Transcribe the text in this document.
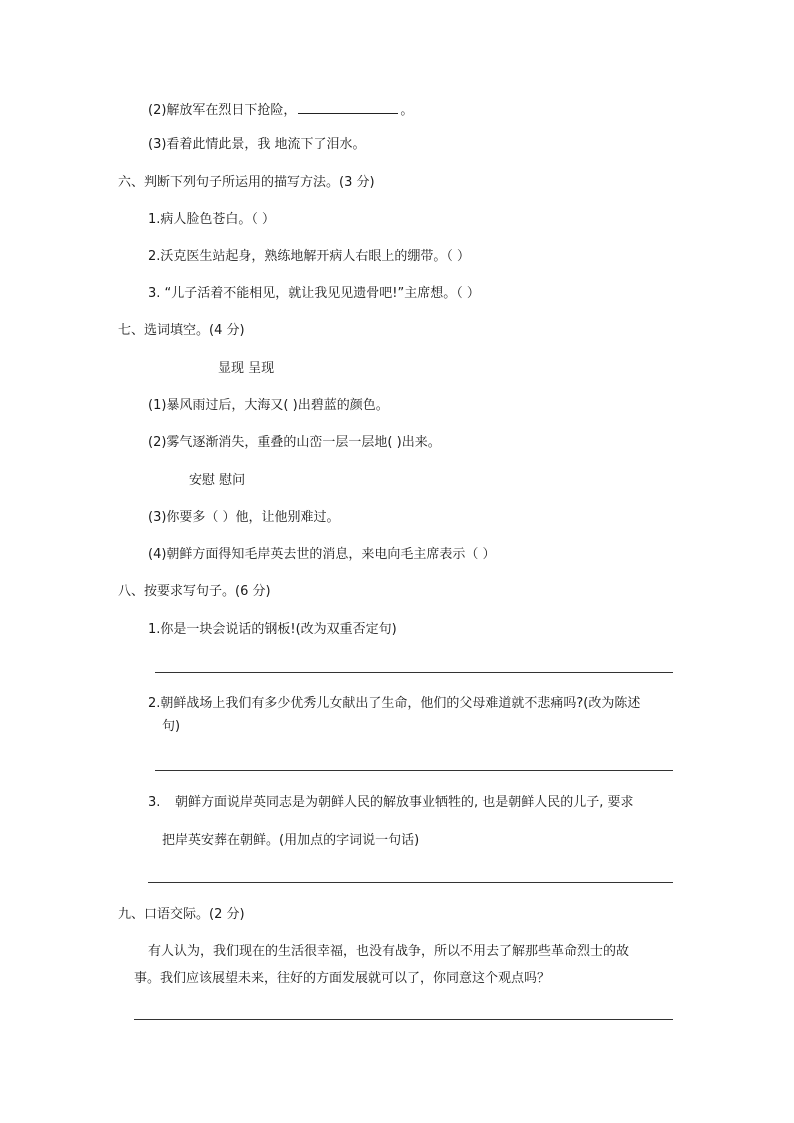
(2)解放军在烈日下抢险，	。
(3)看着此情此景，我 地流下了泪水。
六、判断下列句子所运用的描写方法。(3 分)
1.病人脸色苍白。（ ）
2.沃克医生站起身，熟练地解开病人右眼上的绷带。（ ）
3. “儿子活着不能相见，就让我见见遗骨吧!”主席想。（ ）
七、选词填空。(4 分)
显现 呈现
(1)暴风雨过后，大海又( )出碧蓝的颜色。
(2)雾气逐渐消失，重叠的山峦一层一层地( )出来。
安慰 慰问
(3)你要多（ ）他，让他别难过。
(4)朝鲜方面得知毛岸英去世的消息，来电向毛主席表示（ ）
八、按要求写句子。(6 分)
1.你是一块会说话的钢板!(改为双重否定句)
2.朝鲜战场上我们有多少优秀儿女献出了生命，他们的父母难道就不悲痛吗?(改为陈述
句)
3. 朝鲜方面说岸英同志是为朝鲜人民的解放事业牺牲的, 也是朝鲜人民的儿子, 要求
把岸英安葬在朝鲜。(用加点的字词说一句话)
九、口语交际。(2 分)
有人认为，我们现在的生活很幸福，也没有战争，所以不用去了解那些革命烈士的故
事。我们应该展望未来，往好的方面发展就可以了，你同意这个观点吗？
